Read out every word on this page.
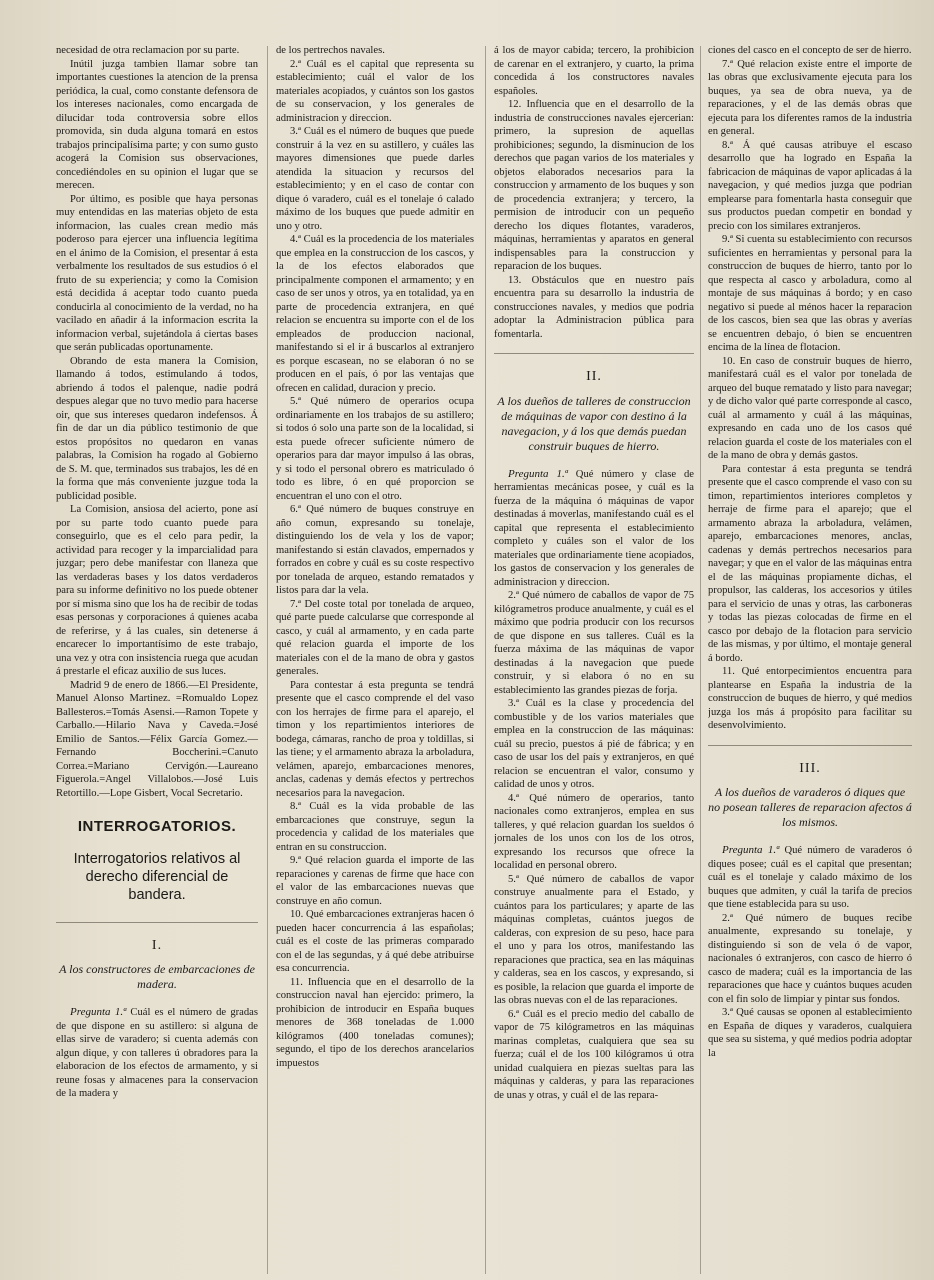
necesidad de otra reclamacion por su parte.

Inútil juzga tambien llamar sobre tan importantes cuestiones la atencion de la prensa periódica, la cual, como constante defensora de los intereses nacionales, como encargada de dilucidar toda controversia sobre ellos promovida, sin duda alguna tomará en estos trabajos principalísima parte; y con sumo gusto acogerá la Comision sus observaciones, concediéndoles en su opinion el lugar que se merecen.

Por último, es posible que haya personas muy entendidas en las materias objeto de esta informacion, las cuales crean medio más poderoso para ejercer una influencia legítima en el ánimo de la Comision, el presentar á esta verbalmente los resultados de sus estudios ó el fruto de su experiencia; y como la Comision está decidida á aceptar todo cuanto pueda conducirla al conocimiento de la verdad, no ha vacilado en añadir á la informacion escrita la informacion verbal, sujetándola á ciertas bases que serán publicadas oportunamente.

Obrando de esta manera la Comision, llamando á todos, estimulando á todos, abriendo á todos el palenque, nadie podrá despues alegar que no tuvo medio para hacerse oir, que sus intereses quedaron indefensos. Á fin de dar un dia público testimonio de que estos propósitos no quedaron en vanas palabras, la Comision ha rogado al Gobierno de S. M. que, terminados sus trabajos, les dé en la forma que más conveniente juzgue toda la publicidad posible.

La Comision, ansiosa del acierto, pone así por su parte todo cuanto puede para conseguirlo, que es el celo para pedir, la actividad para recoger y la imparcialidad para juzgar; pero debe manifestar con llaneza que las verdaderas bases y los datos verdaderos para su informe definitivo no los puede obtener por sí misma sino que los ha de recibir de todas esas personas y corporaciones á quienes acaba de referirse, y á las cuales, sin detenerse á encarecer lo importantísimo de este trabajo, una vez y otra con insistencia ruega que acudan á prestarle el eficaz auxilio de sus luces.

Madrid 9 de enero de 1866.—El Presidente, Manuel Alonso Martinez. =Romualdo Lopez Ballesteros.=Tomás Asensi.—Ramon Topete y Carballo.—Hilario Nava y Caveda.=José Emilio de Santos.—Félix García Gomez.—Fernando Boccherini.=Canuto Correa.=Mariano Cervigón.—Laureano Figuerola.=Angel Villalobos.—José Luis Retortillo.—Lope Gisbert, Vocal Secretario.

INTERROGATORIOS.

Interrogatorios relativos al derecho diferencial de bandera.

I.

A los constructores de embarcaciones de madera.

Pregunta 1.ª Cuál es el número de gradas de que dispone en su astillero: si alguna de ellas sirve de varadero; si cuenta además con algun dique, y con talleres ú obradores para la elaboracion de los efectos de armamento, y si reune fosas y almacenes para la conservacion de la madera y

de los pertrechos navales.

2.ª Cuál es el capital que representa su establecimiento; cuál el valor de los materiales acopiados, y cuántos son los gastos de su conservacion, y los generales de administracion y direccion.

3.ª Cuál es el número de buques que puede construir á la vez en su astillero, y cuáles las mayores dimensiones que puede darles atendida la situacion y recursos del establecimiento; y en el caso de contar con dique ó varadero, cuál es el tonelaje ó calado máximo de los buques que puede admitir en uno y otro.

4.ª Cuál es la procedencia de los materiales que emplea en la construccion de los cascos, y la de los efectos elaborados que principalmente componen el armamento; y en caso de ser unos y otros, ya en totalidad, ya en parte de procedencia extranjera, en qué relacion se encuentra su importe con el de los empleados de produccion nacional, manifestando si el ir á buscarlos al extranjero es porque escasean, no se elaboran ó no se producen en el país, ó por las ventajas que ofrecen en calidad, duracion y precio.

5.ª Qué número de operarios ocupa ordinariamente en los trabajos de su astillero; si todos ó solo una parte son de la localidad, si esta puede ofrecer suficiente número de operarios para dar mayor impulso á las obras, y si todo el personal obrero es matriculado ó todo es libre, ó en qué proporcion se encuentran el uno con el otro.

6.ª Qué número de buques construye en año comun, expresando su tonelaje, distinguiendo los de vela y los de vapor; manifestando si están clavados, empernados y forrados en cobre y cuál es su coste respectivo por tonelada de arqueo, estando rematados y listos para dar la vela.

7.ª Del coste total por tonelada de arqueo, qué parte puede calcularse que corresponde al casco, y cuál al armamento, y en cada parte qué relacion guarda el importe de los materiales con el de la mano de obra y gastos generales.

Para contestar á esta pregunta se tendrá presente que el casco comprende el del vaso con los herrajes de firme para el aparejo, el timon y los repartimientos interiores de bodega, cámaras, rancho de proa y toldillas, si las tiene; y el armamento abraza la arboladura, velámen, aparejo, embarcaciones menores, anclas, cadenas y demás efectos y pertrechos necesarios para la navegacion.

8.ª Cuál es la vida probable de las embarcaciones que construye, segun la procedencia y calidad de los materiales que entran en su construccion.

9.ª Qué relacion guarda el importe de las reparaciones y carenas de firme que hace con el valor de las embarcaciones nuevas que construye en año comun.

10. Qué embarcaciones extranjeras hacen ó pueden hacer concurrencia á las españolas; cuál es el coste de las primeras comparado con el de las segundas, y á qué debe atribuirse esa concurrencia.

11. Influencia que en el desarrollo de la construccion naval han ejercido: primero, la prohibicion de introducir en España buques menores de 368 toneladas de 1.000 kilógramos (400 toneladas comunes); segundo, el tipo de los derechos arancelarios impuestos

á los de mayor cabida; tercero, la prohibicion de carenar en el extranjero, y cuarto, la prima concedida á los constructores navales españoles.

12. Influencia que en el desarrollo de la industria de construcciones navales ejercerian: primero, la supresion de aquellas prohibiciones; segundo, la disminucion de los derechos que pagan varios de los materiales y objetos elaborados necesarios para la construccion y armamento de los buques y son de procedencia extranjera; y tercero, la permision de introducir con un pequeño derecho los diques flotantes, varaderos, máquinas, herramientas y aparatos en general indispensables para la construccion y reparacion de los buques.

13. Obstáculos que en nuestro país encuentra para su desarrollo la industria de construcciones navales, y medios que podria adoptar la Administracion pública para fomentarla.

II.

A los dueños de talleres de construccion de máquinas de vapor con destino á la navegacion, y á los que demás puedan construir buques de hierro.

Pregunta 1.ª Qué número y clase de herramientas mecánicas posee, y cuál es la fuerza de la máquina ó máquinas de vapor destinadas á moverlas, manifestando cuál es el capital que representa el establecimiento completo y cuáles son el valor de los materiales que ordinariamente tiene acopiados, los gastos de conservacion y los generales de administracion y direccion.

2.ª Qué número de caballos de vapor de 75 kilógrametros produce anualmente, y cuál es el máximo que podria producir con los recursos de que dispone en sus talleres. Cuál es la fuerza máxima de las máquinas de vapor destinadas á la navegacion que puede construir, y si elabora ó no en su establecimiento las grandes piezas de forja.

3.ª Cuál es la clase y procedencia del combustible y de los varios materiales que emplea en la construccion de las máquinas: cuál su precio, puestos á pié de fábrica; y en caso de usar los del país y extranjeros, en qué relacion se encuentran el valor, consumo y calidad de unos y otros.

4.ª Qué número de operarios, tanto nacionales como extranjeros, emplea en sus talleres, y qué relacion guardan los sueldos ó jornales de los unos con los de los otros, expresando los recursos que ofrece la localidad en personal obrero.

5.ª Qué número de caballos de vapor construye anualmente para el Estado, y cuántos para los particulares; y aparte de las máquinas completas, cuántos juegos de calderas, con expresion de su peso, hace para el uno y para los otros, manifestando las reparaciones que practica, sea en las máquinas y calderas, sea en los cascos, y expresando, si es posible, la relacion que guarda el importe de las obras nuevas con el de las reparaciones.

6.ª Cuál es el precio medio del caballo de vapor de 75 kilógrametros en las máquinas marinas completas, cualquiera que sea su fuerza; cuál el de los 100 kilógramos ú otra unidad cualquiera en piezas sueltas para las máquinas y calderas, y para las reparaciones de unas y otras, y cuál el de las repara-

ciones del casco en el concepto de ser de hierro.

7.ª Qué relacion existe entre el importe de las obras que exclusivamente ejecuta para los buques, ya sea de obra nueva, ya de reparaciones, y el de las demás obras que ejecuta para los diferentes ramos de la industria en general.

8.ª Á qué causas atribuye el escaso desarrollo que ha logrado en España la fabricacion de máquinas de vapor aplicadas á la navegacion, y qué medios juzga que podrian emplearse para fomentarla hasta conseguir que sus productos puedan competir en bondad y precio con los similares extranjeros.

9.ª Si cuenta su establecimiento con recursos suficientes en herramientas y personal para la construccion de buques de hierro, tanto por lo que respecta al casco y arboladura, como al montaje de sus máquinas á bordo; y en caso negativo si puede al ménos hacer la reparacion de los cascos, bien sea que las obras y averías se encuentren debajo, ó bien se encuentren encima de la línea de flotacion.

10. En caso de construir buques de hierro, manifestará cuál es el valor por tonelada de arqueo del buque rematado y listo para navegar; y de dicho valor qué parte corresponde al casco, cuál al armamento y cuál á las máquinas, expresando en cada uno de los casos qué relacion guarda el coste de los materiales con el de la mano de obra y demás gastos.

Para contestar á esta pregunta se tendrá presente que el casco comprende el vaso con su timon, repartimientos interiores completos y herraje de firme para el aparejo; que el armamento abraza la arboladura, velámen, aparejo, embarcaciones menores, anclas, cadenas y demás pertrechos necesarios para navegar; y que en el valor de las máquinas entra el de las máquinas propiamente dichas, el propulsor, las calderas, los accesorios y útiles para el servicio de unas y otras, las carboneras y todas las piezas colocadas de firme en el casco por debajo de la flotacion para servicio de las mismas, y por último, el montaje general á bordo.

11. Qué entorpecimientos encuentra para plantearse en España la industria de la construccion de buques de hierro, y qué medios juzga los más á propósito para facilitar su desenvolvimiento.

III.

A los dueños de varaderos ó diques que no posean talleres de reparacion afectos á los mismos.

Pregunta 1.ª Qué número de varaderos ó diques posee; cuál es el capital que presentan; cuál es el tonelaje y calado máximo de los buques que admiten, y cuál la tarifa de precios que tiene establecida para su uso.

2.ª Qué número de buques recibe anualmente, expresando su tonelaje, y distinguiendo si son de vela ó de vapor, nacionales ó extranjeros, con casco de hierro ó casco de madera; cuál es la importancia de las reparaciones que hace y cuántos buques acuden con el fin solo de limpiar y pintar sus fondos.

3.ª Qué causas se oponen al establecimiento en España de diques y varaderos, cualquiera que sea su sistema, y qué medios podria adoptar la
